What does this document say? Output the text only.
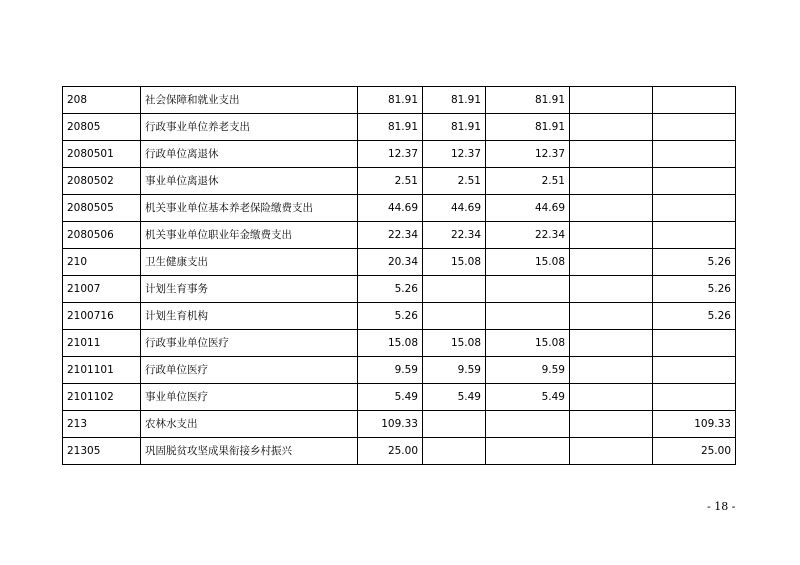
208	社会保障和就业支出	81.91	81.91	81.91		
20805	行政事业单位养老支出	81.91	81.91	81.91		
2080501	行政单位离退休	12.37	12.37	12.37		
2080502	事业单位离退休	2.51	2.51	2.51		
2080505	机关事业单位基本养老保险缴费支出	44.69	44.69	44.69		
2080506	机关事业单位职业年金缴费支出	22.34	22.34	22.34		
210	卫生健康支出	20.34	15.08	15.08		5.26
21007	计划生育事务	5.26				5.26
2100716	计划生育机构	5.26				5.26
21011	行政事业单位医疗	15.08	15.08	15.08		
2101101	行政单位医疗	9.59	9.59	9.59		
2101102	事业单位医疗	5.49	5.49	5.49		
213	农林水支出	109.33				109.33
21305	巩固脱贫攻坚成果衔接乡村振兴	25.00				25.00
- 18 -
